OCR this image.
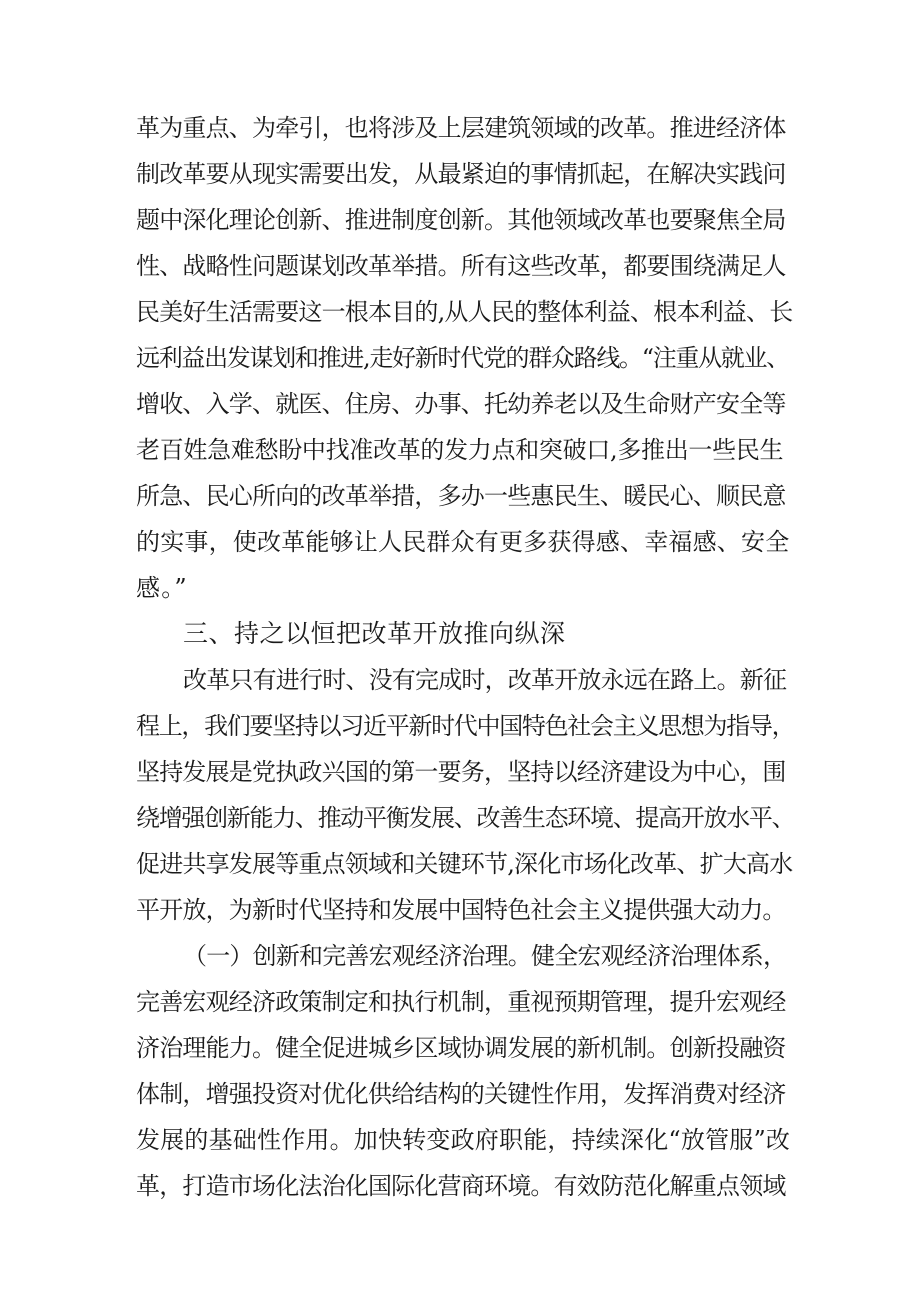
革为重点、为牵引，也将涉及上层建筑领域的改革。推进经济体
制改革要从现实需要出发，从最紧迫的事情抓起，在解决实践问
题中深化理论创新、推进制度创新。其他领域改革也要聚焦全局
性、战略性问题谋划改革举措。所有这些改革，都要围绕满足人
民美好生活需要这一根本目的,从人民的整体利益、根本利益、长
远利益出发谋划和推进,走好新时代党的群众路线。“注重从就业、
增收、入学、就医、住房、办事、托幼养老以及生命财产安全等
老百姓急难愁盼中找准改革的发力点和突破口,多推出一些民生
所急、民心所向的改革举措，多办一些惠民生、暖民心、顺民意
的实事，使改革能够让人民群众有更多获得感、幸福感、安全
感。”
三、持之以恒把改革开放推向纵深
改革只有进行时、没有完成时，改革开放永远在路上。新征
程上，我们要坚持以习近平新时代中国特色社会主义思想为指导，
坚持发展是党执政兴国的第一要务，坚持以经济建设为中心，围
绕增强创新能力、推动平衡发展、改善生态环境、提高开放水平、
促进共享发展等重点领域和关键环节,深化市场化改革、扩大高水
平开放，为新时代坚持和发展中国特色社会主义提供强大动力。
（一）创新和完善宏观经济治理。健全宏观经济治理体系，
完善宏观经济政策制定和执行机制，重视预期管理，提升宏观经
济治理能力。健全促进城乡区域协调发展的新机制。创新投融资
体制，增强投资对优化供给结构的关键性作用，发挥消费对经济
发展的基础性作用。加快转变政府职能，持续深化“放管服”改
革，打造市场化法治化国际化营商环境。有效防范化解重点领域
